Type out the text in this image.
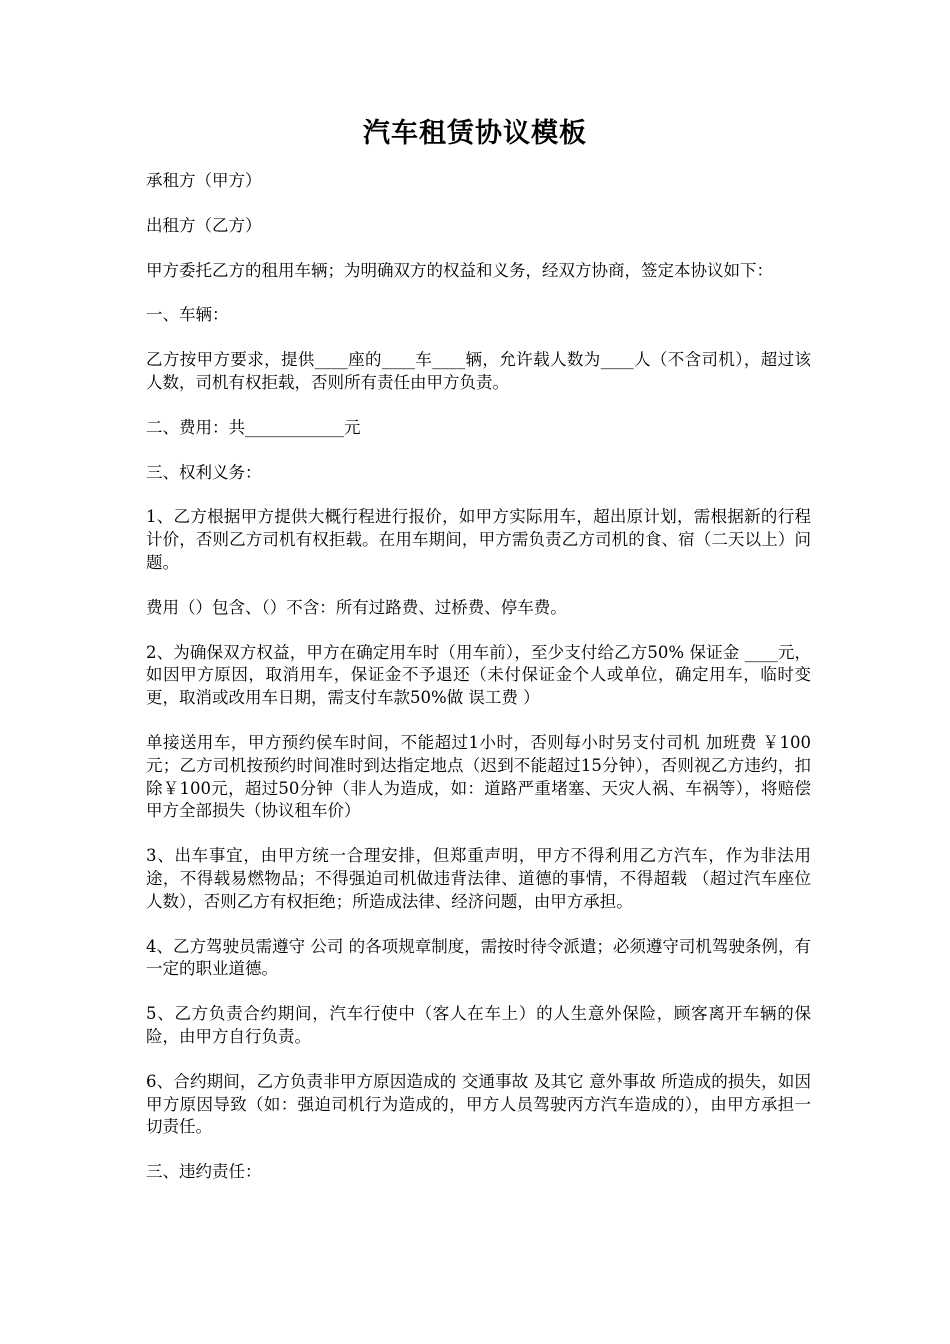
汽车租赁协议模板

承租方（甲方）

出租方（乙方）

甲方委托乙方的租用车辆；为明确双方的权益和义务，经双方协商，签定本协议如下：

一、车辆：

乙方按甲方要求，提供____座的____车____辆，允许载人数为____人（不含司机），超过该人数，司机有权拒载，否则所有责任由甲方负责。

二、费用：共____________元

三、权利义务：

1、乙方根据甲方提供大概行程进行报价，如甲方实际用车，超出原计划，需根据新的行程计价，否则乙方司机有权拒载。在用车期间，甲方需负责乙方司机的食、宿（二天以上）问题。

费用（）包含、（）不含：所有过路费、过桥费、停车费。

2、为确保双方权益，甲方在确定用车时（用车前），至少支付给乙方50% 保证金 ____元，如因甲方原因，取消用车，保证金不予退还（未付保证金个人或单位，确定用车，临时变更，取消或改用车日期，需支付车款50%做 误工费 ）

单接送用车，甲方预约侯车时间，不能超过1小时，否则每小时另支付司机 加班费 ￥100元；乙方司机按预约时间准时到达指定地点（迟到不能超过15分钟），否则视乙方违约，扣除￥100元，超过50分钟（非人为造成，如：道路严重堵塞、天灾人祸、车祸等），将赔偿甲方全部损失（协议租车价）

3、出车事宜，由甲方统一合理安排，但郑重声明，甲方不得利用乙方汽车，作为非法用途，不得载易燃物品；不得强迫司机做违背法律、道德的事情，不得超载 （超过汽车座位人数），否则乙方有权拒绝；所造成法律、经济问题，由甲方承担。

4、乙方驾驶员需遵守 公司 的各项规章制度，需按时待令派遣；必须遵守司机驾驶条例，有一定的职业道德。

5、乙方负责合约期间，汽车行使中（客人在车上）的人生意外保险，顾客离开车辆的保险，由甲方自行负责。

6、合约期间，乙方负责非甲方原因造成的 交通事故 及其它 意外事故 所造成的损失，如因甲方原因导致（如：强迫司机行为造成的，甲方人员驾驶丙方汽车造成的），由甲方承担一切责任。

三、违约责任：
